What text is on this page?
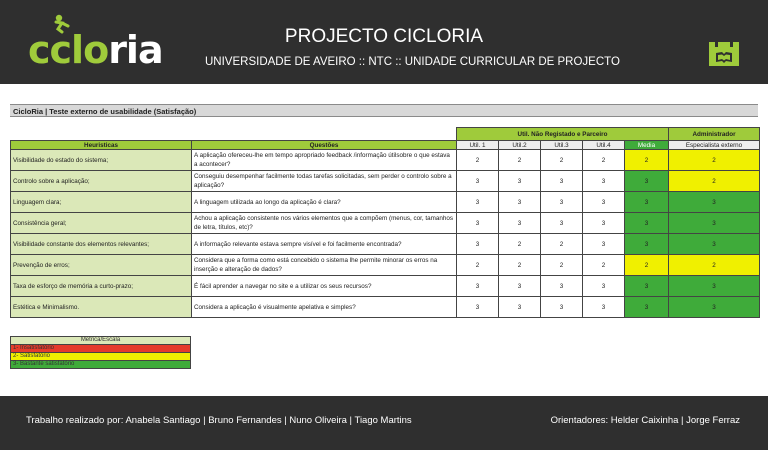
ccloria	PROJECTO CICLORIA
UNIVERSIDADE DE AVEIRO :: NTC :: UNIDADE CURRICULAR DE PROJECTO
CicloRia | Teste externo de usabilidade (Satisfação)
		Util. Não Registado e Parceiro					Administrador
Heuristicas	Questões	Util. 1	Util.2	Util.3	Util.4	Media	Especialista externo

Visibilidade do estado do sistema;	A aplicação ofereceu-lhe em tempo apropriado feedback /informação útilsobre o que estava a acontecer?	2	2	2	2	2	2
Controlo sobre a aplicação;	Conseguiu desempenhar facilmente todas tarefas solicitadas, sem perder o controlo sobre a aplicação?	3	3	3	3	3	2
Linguagem clara;	A linguagem utilizada ao longo da aplicação é clara?	3	3	3	3	3	3
Consistência geral;	Achou a aplicação consistente nos vários elementos que a compõem (menus, cor, tamanhos de letra, títulos, etc)?	3	3	3	3	3	3
Visibilidade constante dos elementos relevantes;	A informação relevante estava sempre visível e foi facilmente encontrada?	3	2	2	3	3	3
Prevenção de erros;	Considera que a forma como está concebido o sistema lhe permite minorar os erros na inserção e alteração de dados?	2	2	2	2	2	2
Taxa de esforço de memória a curto-prazo;	É fácil aprender a navegar no site e a utilizar os seus recursos?	3	3	3	3	3	3
Estética e Minimalismo.	Considera a aplicação é visualmente apelativa e simples?	3	3	3	3	3	3
Metrica/Escala
1- Insatisfatório
2- Satisfatório
3- Bastante satisfatório
Trabalho realizado por: Anabela Santiago | Bruno Fernandes | Nuno Oliveira | Tiago Martins	Orientadores: Helder Caixinha | Jorge Ferraz
